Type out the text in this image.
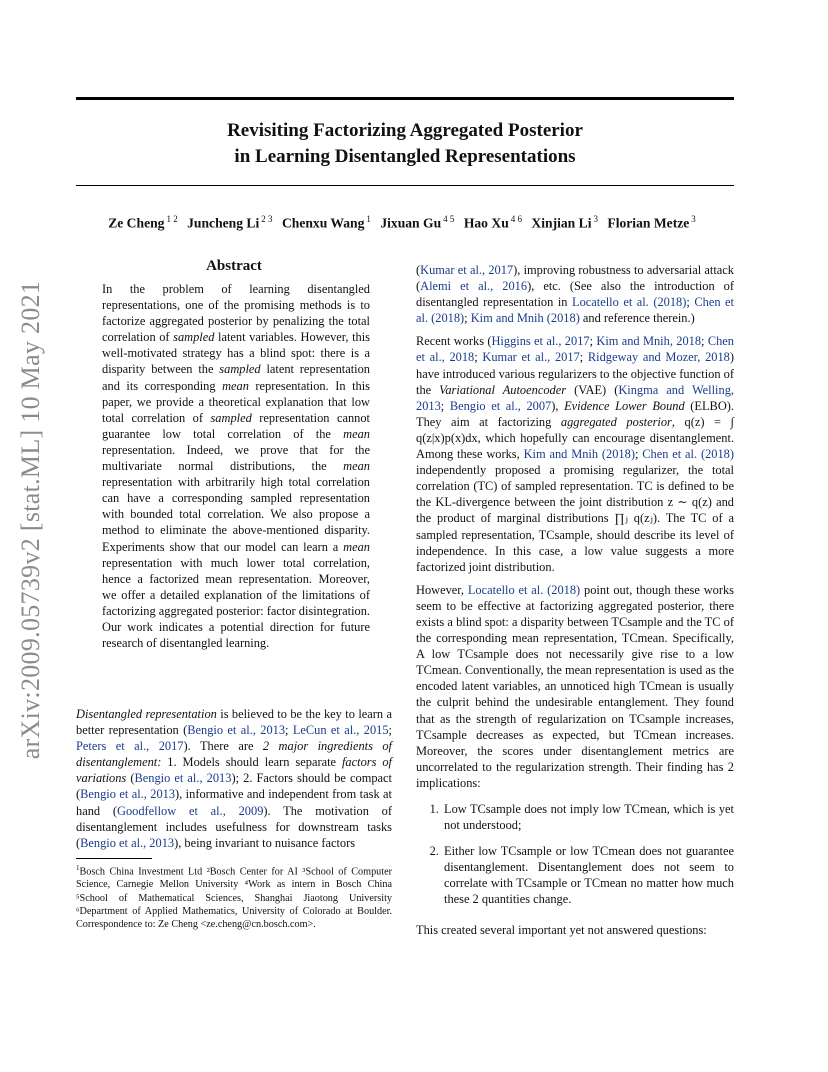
Revisiting Factorizing Aggregated Posterior
in Learning Disentangled Representations
Ze Cheng $^{1 2}$ Juncheng Li $^{2 3}$ Chenxu Wang $^1$ Jixuan Gu $^{4 5}$ Hao Xu $^{4 6}$ Xinjian Li $^3$ Florian Metze $^3$
arXiv:2009.05739v2 [stat.ML] 10 May 2021
Abstract

In the problem of learning disentangled representations, one of the promising methods is to factorize aggregated posterior by penalizing the total correlation of sampled latent variables. However, this well-motivated strategy has a blind spot: there is a disparity between the sampled latent representation and its corresponding mean representation. In this paper, we provide a theoretical explanation that low total correlation of sampled representation cannot guarantee low total correlation of the mean representation. Indeed, we prove that for the multivariate normal distributions, the mean representation with arbitrarily high total correlation can have a corresponding sampled representation with bounded total correlation. We also propose a method to eliminate the above-mentioned disparity. Experiments show that our model can learn a mean representation with much lower total correlation, hence a factorized mean representation. Moreover, we offer a detailed explanation of the limitations of factorizing aggregated posterior: factor disintegration. Our work indicates a potential direction for future research of disentangled learning.

Disentangled representation is believed to be the key to learn a better representation (Bengio et al., 2013; LeCun et al., 2015; Peters et al., 2017). There are 2 major ingredients of disentanglement: 1. Models should learn separate factors of variations (Bengio et al., 2013); 2. Factors should be compact (Bengio et al., 2013), informative and independent from task at hand (Goodfellow et al., 2009). The motivation of disentanglement includes usefulness for downstream tasks (Bengio et al., 2013), being invariant to nuisance factors

$^1$Bosch China Investment Ltd ²Bosch Center for AI ³School of Computer Science, Carnegie Mellon University ⁴Work as intern in Bosch China ⁵School of Mathematical Sciences, Shanghai Jiaotong University ⁶Department of Applied Mathematics, University of Colorado at Boulder. Correspondence to: Ze Cheng <ze.cheng@cn.bosch.com>.

(Kumar et al., 2017), improving robustness to adversarial attack (Alemi et al., 2016), etc. (See also the introduction of disentangled representation in Locatello et al. (2018); Chen et al. (2018); Kim and Mnih (2018) and reference therein.)

Recent works (Higgins et al., 2017; Kim and Mnih, 2018; Chen et al., 2018; Kumar et al., 2017; Ridgeway and Mozer, 2018) have introduced various regularizers to the objective function of the Variational Autoencoder (VAE) (Kingma and Welling, 2013; Bengio et al., 2007), Evidence Lower Bound (ELBO). They aim at factorizing aggregated posterior, q(z) = ∫ q(z|x)p(x)dx, which hopefully can encourage disentanglement. Among these works, Kim and Mnih (2018); Chen et al. (2018) independently proposed a promising regularizer, the total correlation (TC) of sampled representation. TC is defined to be the KL-divergence between the joint distribution z ∼ q(z) and the product of marginal distributions ∏ⱼ q(zⱼ). The TC of a sampled representation, TCsample, should describe its level of independence. In this case, a low value suggests a more factorized joint distribution.

However, Locatello et al. (2018) point out, though these works seem to be effective at factorizing aggregated posterior, there exists a blind spot: a disparity between TCsample and the TC of the corresponding mean representation, TCmean. Specifically, A low TCsample does not necessarily give rise to a low TCmean. Conventionally, the mean representation is used as the encoded latent variables, an unnoticed high TCmean is usually the culprit behind the undesirable entanglement. They found that as the strength of regularization on TCsample increases, TCsample decreases as expected, but TCmean increases. Moreover, the scores under disentanglement metrics are uncorrelated to the regularization strength. Their finding has 2 implications:

1. Low TCsample does not imply low TCmean, which is yet not understood;
2. Either low TCsample or low TCmean does not guarantee disentanglement. Disentanglement does not seem to correlate with TCsample or TCmean no matter how much these 2 quantities change.
This created several important yet not answered questions:
